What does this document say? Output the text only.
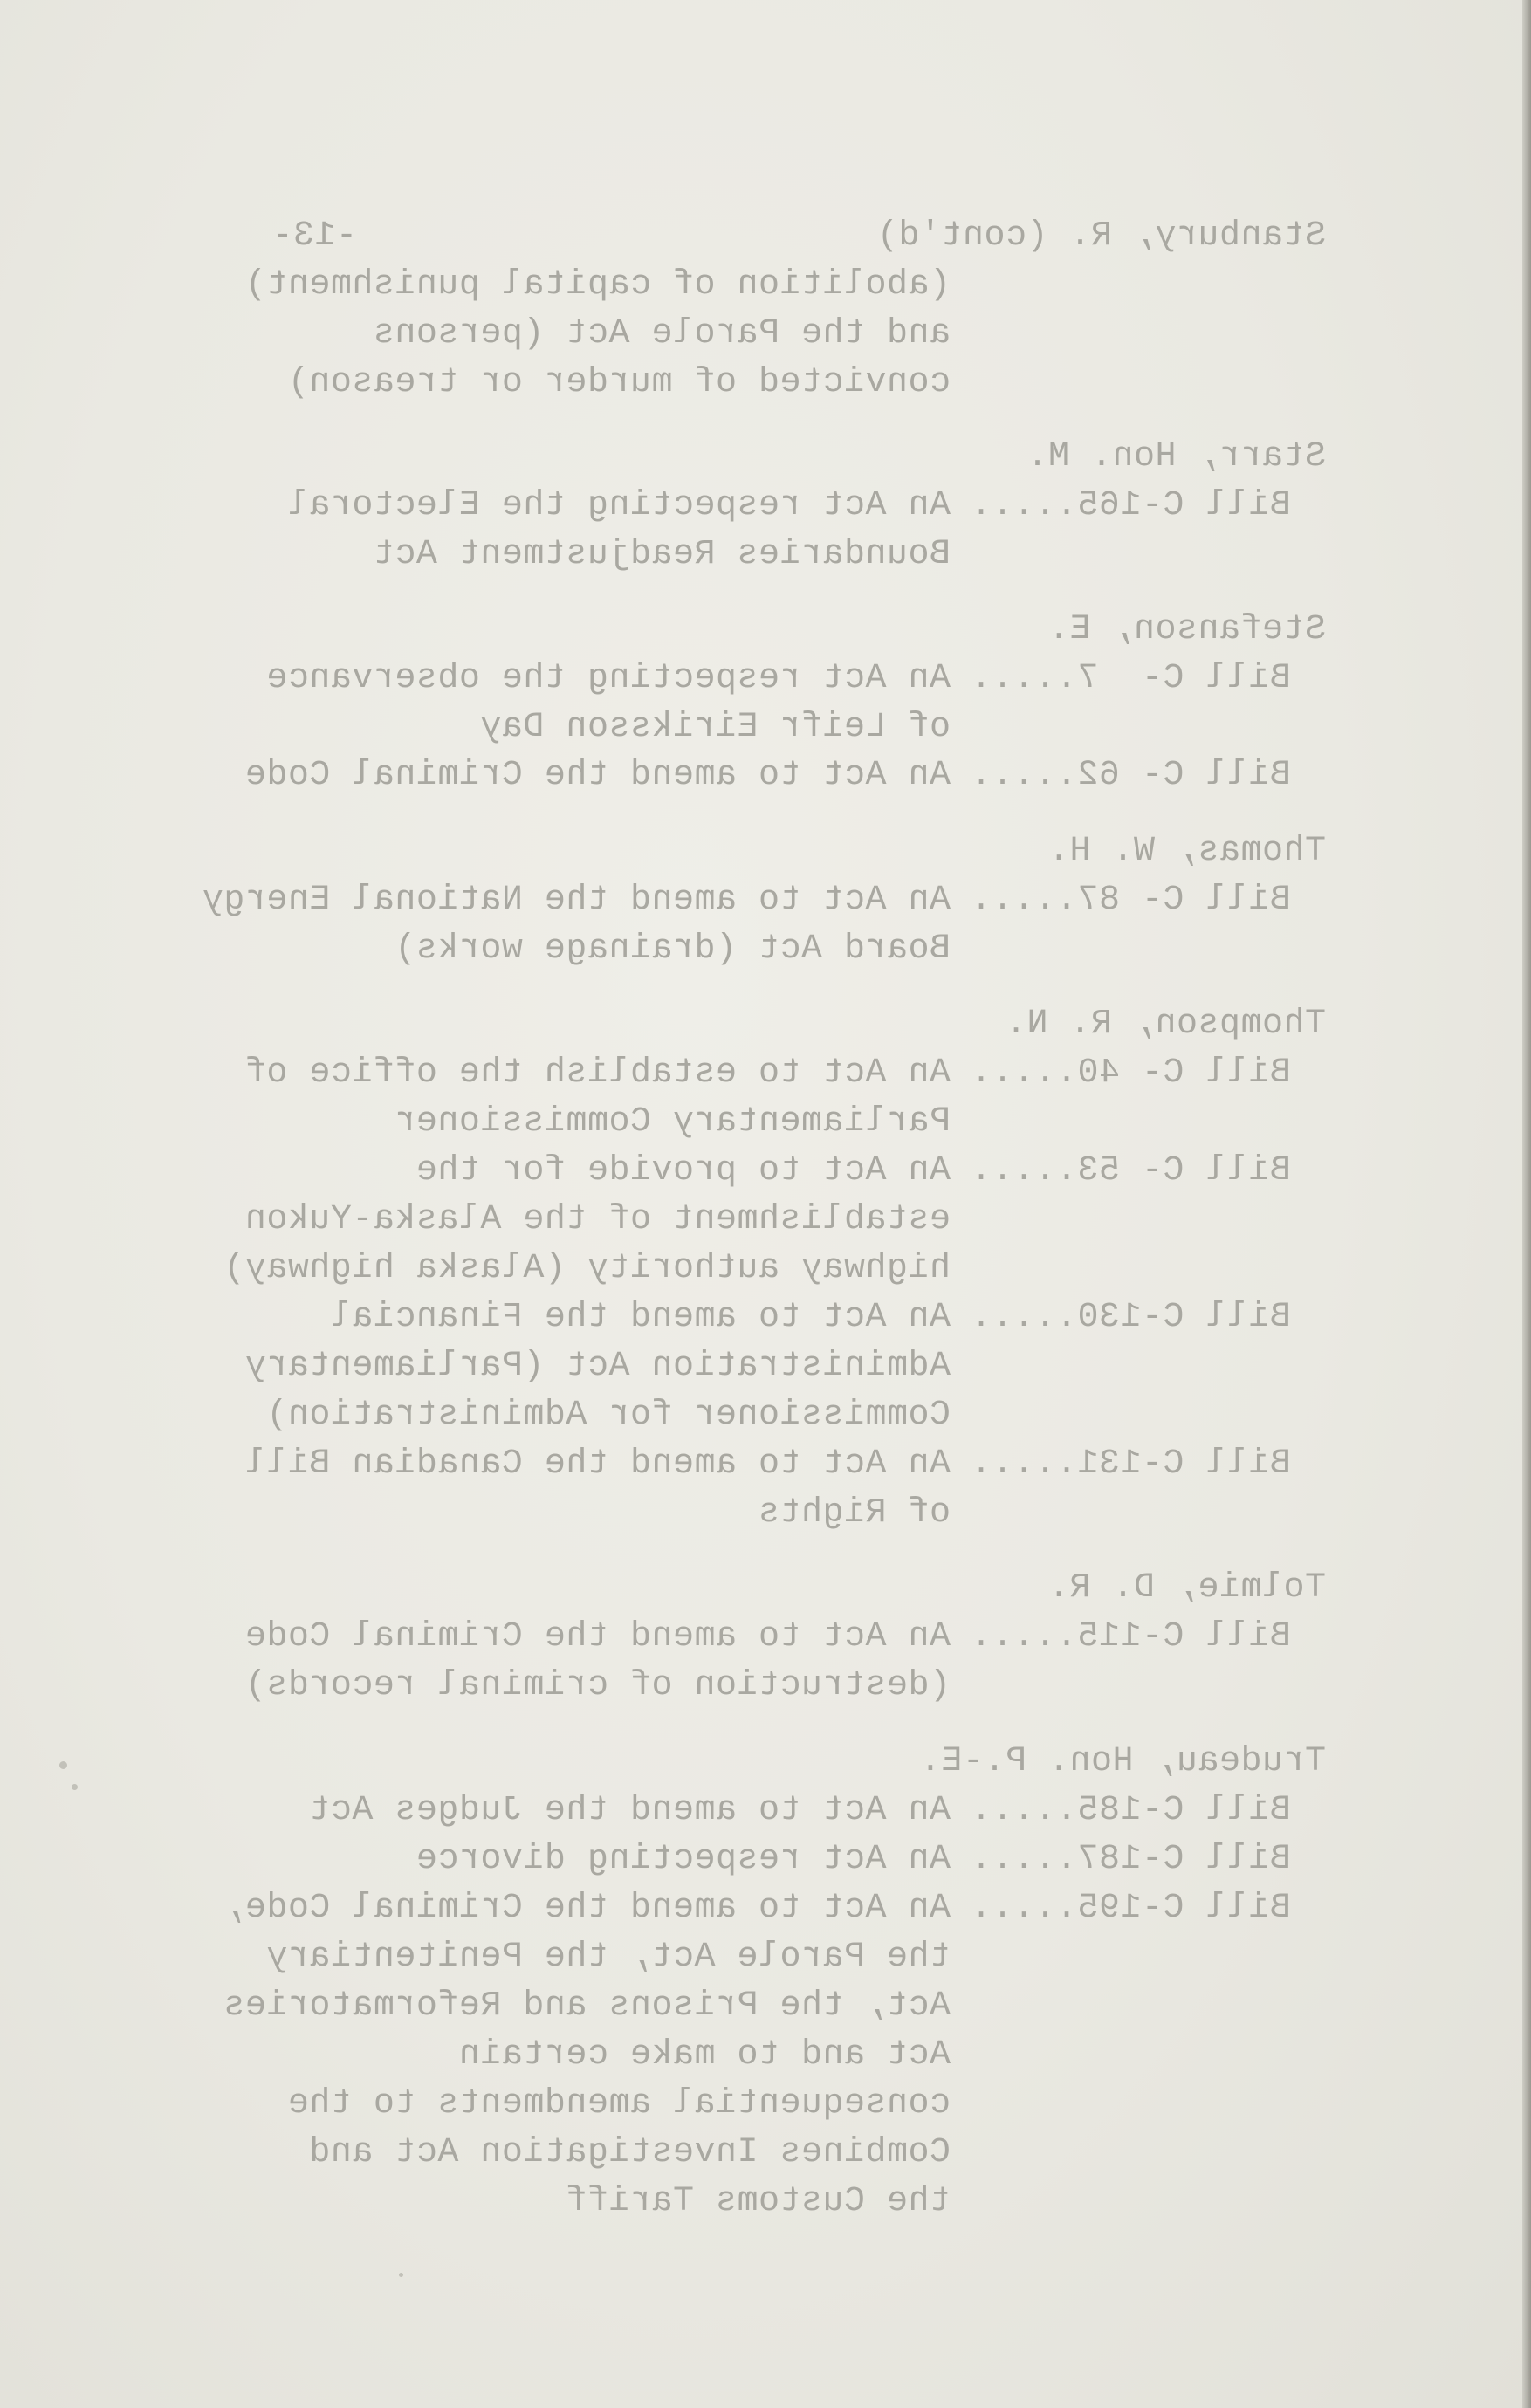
-13-	Stanbury, R. (cont'd)
(abolition of capital punishment)
and the Parole Act (persons
convicted of murder or treason)
Starr, Hon. M.
Bill C-165.....
An Act respecting the Electoral
Boundaries Readjustment Act
Stefanson, E.
Bill C-  7.....
An Act respecting the observance
of Leifr Eiriksson Day
Bill C- 62.....
An Act to amend the Criminal Code
Thomas, W. H.
Bill C- 87.....
An Act to amend the National Energy
Board Act (drainage works)
Thompson, R. N.
Bill C- 40.....
An Act to establish the office of
Parliamentary Commissioner
Bill C- 53.....
An Act to provide for the
establishment of the Alaska-Yukon
highway authority (Alaska highway)
Bill C-130.....
An Act to amend the Financial
Administration Act (Parliamentary
Commissioner for Administration)
Bill C-131.....
An Act to amend the Canadian Bill
of Rights
Tolmie, D. R.
Bill C-115.....
An Act to amend the Criminal Code
(destruction of criminal records)
Trudeau, Hon. P.-E.
Bill C-185.....
An Act to amend the Judges Act
Bill C-187.....
An Act respecting divorce
Bill C-195.....
An Act to amend the Criminal Code,
the Parole Act, the Penitentiary
Act, the Prisons and Reformatories
Act and to make certain
consequential amendments to the
Combines Investigation Act and
the Customs Tariff
